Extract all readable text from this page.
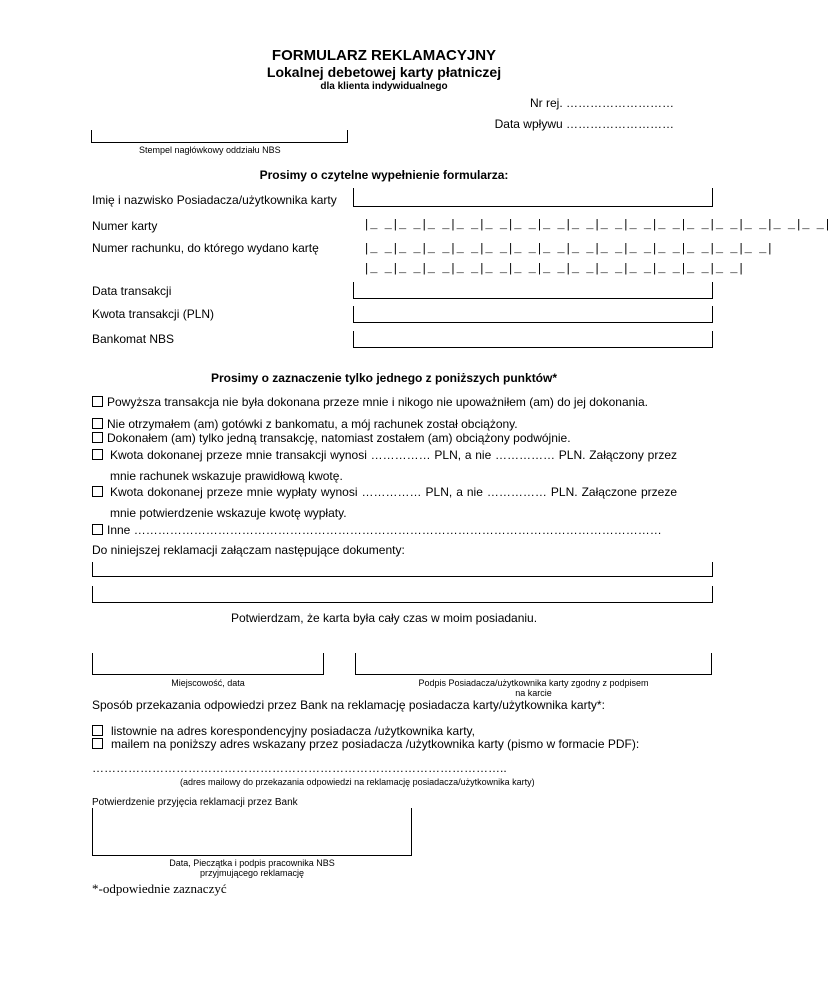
FORMULARZ REKLAMACYJNY
Lokalnej debetowej karty płatniczej
dla klienta indywidualnego
Nr rej. ………………………
Data wpływu ………………………
Stempel nagłówkowy oddziału NBS
Prosimy o czytelne wypełnienie formularza:
Imię i nazwisko Posiadacza/użytkownika karty
Numer karty	|_ _|_ _|_ _|_ _|_ _|_ _|_ _|_ _|_ _|_ _|_ _|_ _|_ _|_ _|_ _|_ _|
Numer rachunku, do którego wydano kartę	|_ _|_ _|_ _|_ _|_ _|_ _|_ _|_ _|_ _|_ _|_ _|_ _|_ _|_ _|
|_ _|_ _|_ _|_ _|_ _|_ _|_ _|_ _|_ _|_ _|_ _|_ _|_ _|
Data transakcji
Kwota transakcji (PLN)
Bankomat NBS
Prosimy o zaznaczenie tylko jednego z poniższych punktów*
Powyższa transakcja nie była dokonana przeze mnie i nikogo nie upoważniłem (am) do jej dokonania.
Nie otrzymałem (am) gotówki z bankomatu, a mój rachunek został obciążony.
Dokonałem (am) tylko jedną transakcję, natomiast zostałem (am) obciążony podwójnie.
Kwota dokonanej przeze mnie transakcji wynosi …………… PLN, a nie …………… PLN. Załączony przez
mnie rachunek wskazuje prawidłową kwotę.
Kwota dokonanej przeze mnie wypłaty wynosi …………… PLN, a nie …………… PLN. Załączone przeze
mnie potwierdzenie wskazuje kwotę wypłaty.
Inne ……………………………………………………………………………………………………………………
Do niniejszej reklamacji załączam następujące dokumenty:
Potwierdzam, że karta była cały czas w moim posiadaniu.
Miejscowość, data	Podpis Posiadacza/użytkownika karty zgodny z podpisem
na karcie
Sposób przekazania odpowiedzi przez Bank na reklamację posiadacza karty/użytkownika karty*:
listownie na adres korespondencyjny posiadacza /użytkownika karty,
mailem na poniższy adres wskazany przez posiadacza /użytkownika karty (pismo w formacie PDF):
…………………………………………………………………………………………..
(adres mailowy do przekazania odpowiedzi na reklamację posiadacza/użytkownika karty)
Potwierdzenie przyjęcia reklamacji przez Bank
Data, Pieczątka i podpis pracownika NBS
przyjmującego reklamację
*-odpowiednie zaznaczyć
